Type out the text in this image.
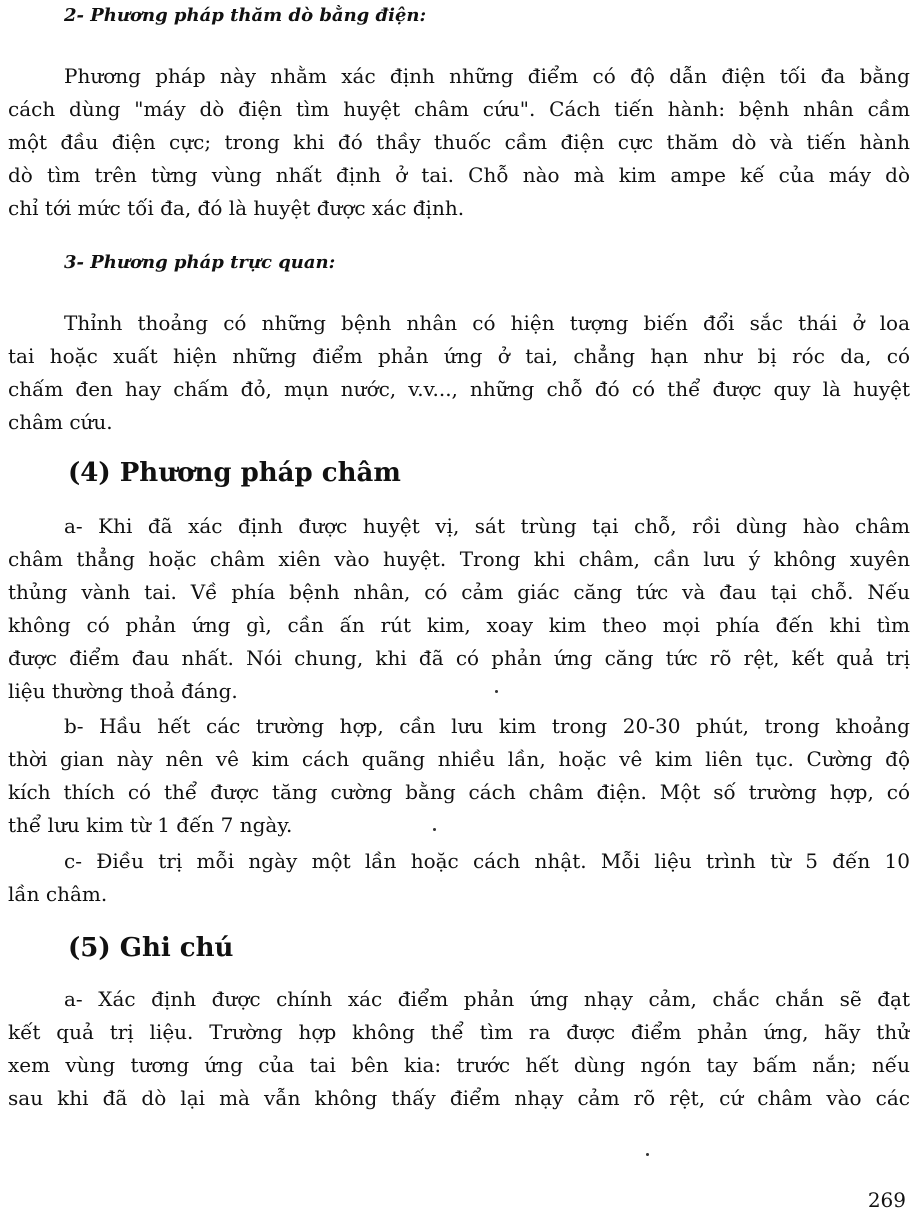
2- Phương pháp thăm dò bằng điện:
Phương pháp này nhằm xác định những điểm có độ dẫn điện tối đa bằng
cách dùng "máy dò điện tìm huyệt châm cứu". Cách tiến hành: bệnh nhân cầm
một đầu điện cực; trong khi đó thầy thuốc cầm điện cực thăm dò và tiến hành
dò tìm trên từng vùng nhất định ở tai. Chỗ nào mà kim ampe kế của máy dò
chỉ tới mức tối đa, đó là huyệt được xác định.
3- Phương pháp trực quan:
Thỉnh thoảng có những bệnh nhân có hiện tượng biến đổi sắc thái ở loa
tai hoặc xuất hiện những điểm phản ứng ở tai, chẳng hạn như bị róc da, có
chấm đen hay chấm đỏ, mụn nước, v.v..., những chỗ đó có thể được quy là huyệt
châm cứu.
(4) Phương pháp châm
a- Khi đã xác định được huyệt vị, sát trùng tại chỗ, rồi dùng hào châm
châm thẳng hoặc châm xiên vào huyệt. Trong khi châm, cần lưu ý không xuyên
thủng vành tai. Về phía bệnh nhân, có cảm giác căng tức và đau tại chỗ. Nếu
không có phản ứng gì, cần ấn rút kim, xoay kim theo mọi phía đến khi tìm
được điểm đau nhất. Nói chung, khi đã có phản ứng căng tức rõ rệt, kết quả trị
liệu thường thoả đáng.
b- Hầu hết các trường hợp, cần lưu kim trong 20-30 phút, trong khoảng
thời gian này nên vê kim cách quãng nhiều lần, hoặc vê kim liên tục. Cường độ
kích thích có thể được tăng cường bằng cách châm điện. Một số trường hợp, có
thể lưu kim từ 1 đến 7 ngày.
c- Điều trị mỗi ngày một lần hoặc cách nhật. Mỗi liệu trình từ 5 đến 10
lần châm.
(5) Ghi chú
a- Xác định được chính xác điểm phản ứng nhạy cảm, chắc chắn sẽ đạt
kết quả trị liệu. Trường hợp không thể tìm ra được điểm phản ứng, hãy thử
xem vùng tương ứng của tai bên kia: trước hết dùng ngón tay bấm nắn; nếu
sau khi đã dò lại mà vẫn không thấy điểm nhạy cảm rõ rệt, cứ châm vào các
269
